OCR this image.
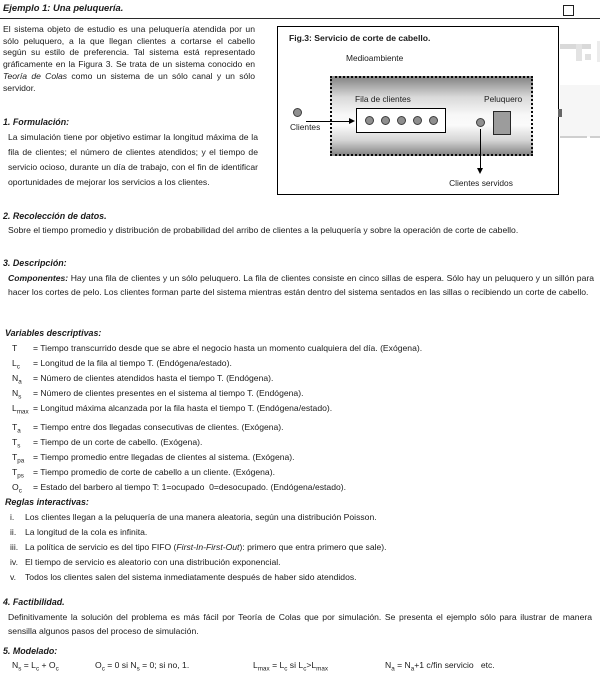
Ejemplo 1: Una peluquería.
El sistema objeto de estudio es una peluquería atendida por un sólo peluquero, a la que llegan clientes a cortarse el cabello según su estilo de preferencia. Tal sistema está representado gráficamente en la Figura 3. Se trata de un sistema conocido en Teoría de Colas como un sistema de un sólo canal y un sólo servidor.
Fig.3: Servicio de corte de cabello.
Medioambiente
Fila de clientes	Peluquero
Clientes
Clientes servidos
1. Formulación:
La simulación tiene por objetivo estimar la longitud máxima de la fila de clientes; el número de clientes atendidos; y el tiempo de servicio ocioso, durante un día de trabajo, con el fin de identificar oportunidades de mejorar los servicios a los clientes.
2. Recolección de datos.
Sobre el tiempo promedio y distribución de probabilidad del arribo de clientes a la peluquería y sobre la operación de corte de cabello.
3. Descripción:
Componentes: Hay una fila de clientes y un sólo peluquero. La fila de clientes consiste en cinco sillas de espera. Sólo hay un peluquero y un sillón para hacer los cortes de pelo. Los clientes forman parte del sistema mientras están dentro del sistema sentados en las sillas o recibiendo un corte de cabello.
Variables descriptivas:

T

= Tiempo transcurrido desde que se abre el negocio hasta un momento cualquiera del día. (Exógena).

$L_c$

= Longitud de la fila al tiempo T. (Endógena/estado).

$N_a$

= Número de clientes atendidos hasta el tiempo T. (Endógena).

$N_s$

= Número de clientes presentes en el sistema al tiempo T. (Endógena).

$L_{max}$

= Longitud máxima alcanzada por la fila hasta el tiempo T. (Endógena/estado).

$T_a$

= Tiempo entre dos llegadas consecutivas de clientes. (Exógena).

$T_s$

= Tiempo de un corte de cabello. (Exógena).

$T_{pa}$

= Tiempo promedio entre llegadas de clientes al sistema. (Exógena).

$T_{ps}$

= Tiempo promedio de corte de cabello a un cliente. (Exógena).

$O_c$

= Estado del barbero al tiempo T: 1=ocupado  0=desocupado. (Endógena/estado).

Reglas interactivas:
i. Los clientes llegan a la peluquería de una manera aleatoria, según una distribución Poisson.
ii. La longitud de la cola es infinita.
iii. La política de servicio es del tipo FIFO (First-In-First-Out): primero que entra primero que sale).
iv. El tiempo de servicio es aleatorio con una distribución exponencial.
v. Todos los clientes salen del sistema inmediatamente después de haber sido atendidos.
4. Factibilidad.
Definitivamente la solución del problema es más fácil por Teoría de Colas que por simulación. Se presenta el ejemplo sólo para ilustrar de manera sensilla algunos pasos del proceso de simulación.
5. Modelado:
$N_s = L_c + O_c$	$O_c = 0$ si $N_s = 0$; si no, 1.	$L_{max} = L_c$ si $L_c>L_{max}$	$N_a = N_a+1$ c/fin servicio   etc.
